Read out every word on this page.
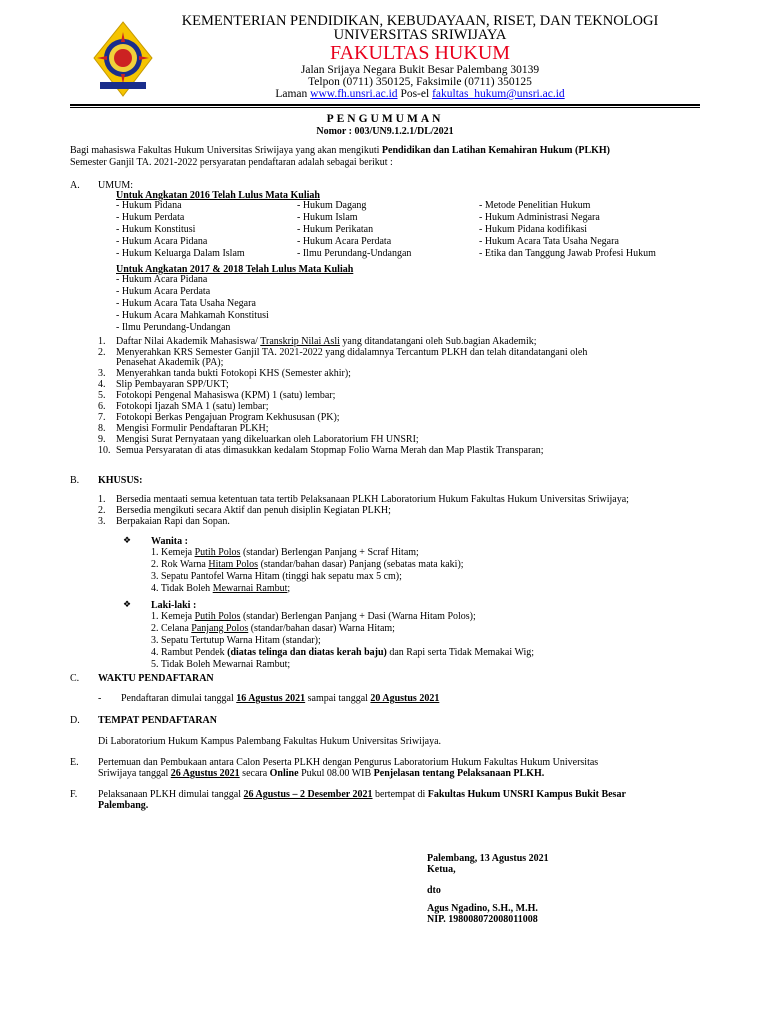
KEMENTERIAN PENDIDIKAN, KEBUDAYAAN, RISET, DAN TEKNOLOGI
UNIVERSITAS SRIWIJAYA
FAKULTAS HUKUM
Jalan Srijaya Negara Bukit Besar Palembang 30139
Telpon (0711) 350125, Faksimile (0711) 350125
Laman www.fh.unsri.ac.id Pos-el fakultas_hukum@unsri.ac.id
PENGUMUMAN
Nomor : 003/UN9.1.2.1/DL/2021
Bagi mahasiswa Fakultas Hukum Universitas Sriwijaya yang akan mengikuti Pendidikan dan Latihan Kemahiran Hukum (PLKH)
Semester Ganjil TA. 2021-2022 persyaratan pendaftaran adalah sebagai berikut :
A. UMUM:
Untuk Angkatan 2016 Telah Lulus Mata Kuliah
- Hukum Pidana
- Hukum Perdata
- Hukum Konstitusi
- Hukum Acara Pidana
- Hukum Keluarga Dalam Islam
- Hukum Dagang
- Hukum Islam
- Hukum Perikatan
- Hukum Acara Perdata
- Ilmu Perundang-Undangan
- Metode Penelitian Hukum
- Hukum Administrasi Negara
- Hukum Pidana kodifikasi
- Hukum Acara Tata Usaha Negara
- Etika dan Tanggung Jawab Profesi Hukum
Untuk Angkatan 2017 & 2018 Telah Lulus Mata Kuliah
- Hukum Acara Pidana
- Hukum Acara Perdata
- Hukum Acara Tata Usaha Negara
- Hukum Acara Mahkamah Konstitusi
- Ilmu Perundang-Undangan
1. Daftar Nilai Akademik Mahasiswa/ Transkrip Nilai Asli yang ditandatangani oleh Sub.bagian Akademik;
2. Menyerahkan KRS Semester Ganjil TA. 2021-2022 yang didalamnya Tercantum PLKH dan telah ditandatangani oleh
Penasehat Akademik (PA);
3. Menyerahkan tanda bukti Fotokopi KHS (Semester akhir);
4. Slip Pembayaran SPP/UKT;
5. Fotokopi Pengenal Mahasiswa (KPM) 1 (satu) lembar;
6. Fotokopi Ijazah SMA 1 (satu) lembar;
7. Fotokopi Berkas Pengajuan Program Kekhususan (PK);
8. Mengisi Formulir Pendaftaran PLKH;
9. Mengisi Surat Pernyataan yang dikeluarkan oleh Laboratorium FH UNSRI;
10. Semua Persyaratan di atas dimasukkan kedalam Stopmap Folio Warna Merah dan Map Plastik Transparan;
B. KHUSUS:
1. Bersedia mentaati semua ketentuan tata tertib Pelaksanaan PLKH Laboratorium Hukum Fakultas Hukum Universitas Sriwijaya;
2. Bersedia mengikuti secara Aktif dan penuh disiplin Kegiatan PLKH;
3. Berpakaian Rapi dan Sopan.
❖ Wanita :
1. Kemeja Putih Polos (standar) Berlengan Panjang + Scraf Hitam;
2. Rok Warna Hitam Polos (standar/bahan dasar) Panjang (sebatas mata kaki);
3. Sepatu Pantofel Warna Hitam (tinggi hak sepatu max 5 cm);
4. Tidak Boleh Mewarnai Rambut;
❖ Laki-laki :
1. Kemeja Putih Polos (standar) Berlengan Panjang + Dasi (Warna Hitam Polos);
2. Celana Panjang Polos (standar/bahan dasar) Warna Hitam;
3. Sepatu Tertutup Warna Hitam (standar);
4. Rambut Pendek (diatas telinga dan diatas kerah baju) dan Rapi serta Tidak Memakai Wig;
5. Tidak Boleh Mewarnai Rambut;
C. WAKTU PENDAFTARAN
- Pendaftaran dimulai tanggal 16 Agustus 2021 sampai tanggal 20 Agustus 2021
D. TEMPAT PENDAFTARAN
Di Laboratorium Hukum Kampus Palembang Fakultas Hukum Universitas Sriwijaya.
E. Pertemuan dan Pembukaan antara Calon Peserta PLKH dengan Pengurus Laboratorium Hukum Fakultas Hukum Universitas
Sriwijaya tanggal 26 Agustus 2021 secara Online Pukul 08.00 WIB Penjelasan tentang Pelaksanaan PLKH.
F. Pelaksanaan PLKH dimulai tanggal 26 Agustus – 2 Desember 2021 bertempat di Fakultas Hukum UNSRI Kampus Bukit Besar
Palembang.
Palembang, 13 Agustus 2021
Ketua,
dto
Agus Ngadino, S.H., M.H.
NIP. 198008072008011008
